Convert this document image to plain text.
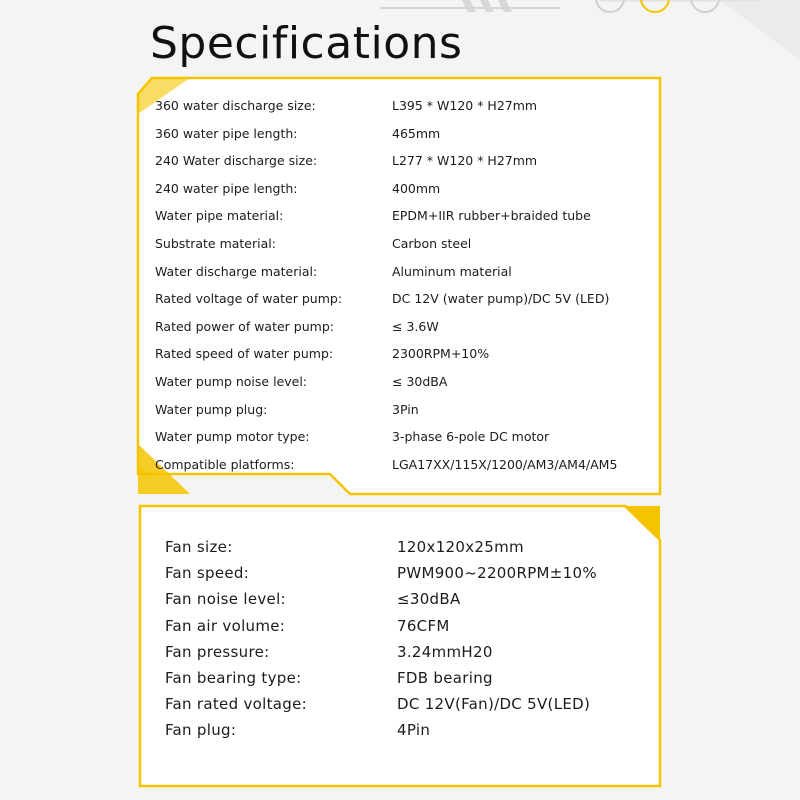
Specifications
360 water discharge size:	L395 * W120 * H27mm
360 water pipe length:	465mm
240 Water discharge size:	L277 * W120 * H27mm
240 water pipe length:	400mm
Water pipe material:	EPDM+IIR rubber+braided tube
Substrate material:	Carbon steel
Water discharge material:	Aluminum material
Rated voltage of water pump:	DC 12V (water pump)/DC 5V (LED)
Rated power of water pump:	≤ 3.6W
Rated speed of water pump:	2300RPM+10%
Water pump noise level:	≤ 30dBA
Water pump plug:	3Pin
Water pump motor type:	3-phase 6-pole DC motor
Compatible platforms:	LGA17XX/115X/1200/AM3/AM4/AM5
Fan size:	120x120x25mm
Fan speed:	PWM900~2200RPM±10%
Fan noise level:	≤30dBA
Fan air volume:	76CFM
Fan pressure:	3.24mmH20
Fan bearing type:	FDB bearing
Fan rated voltage:	DC 12V(Fan)/DC 5V(LED)
Fan plug:	4Pin
